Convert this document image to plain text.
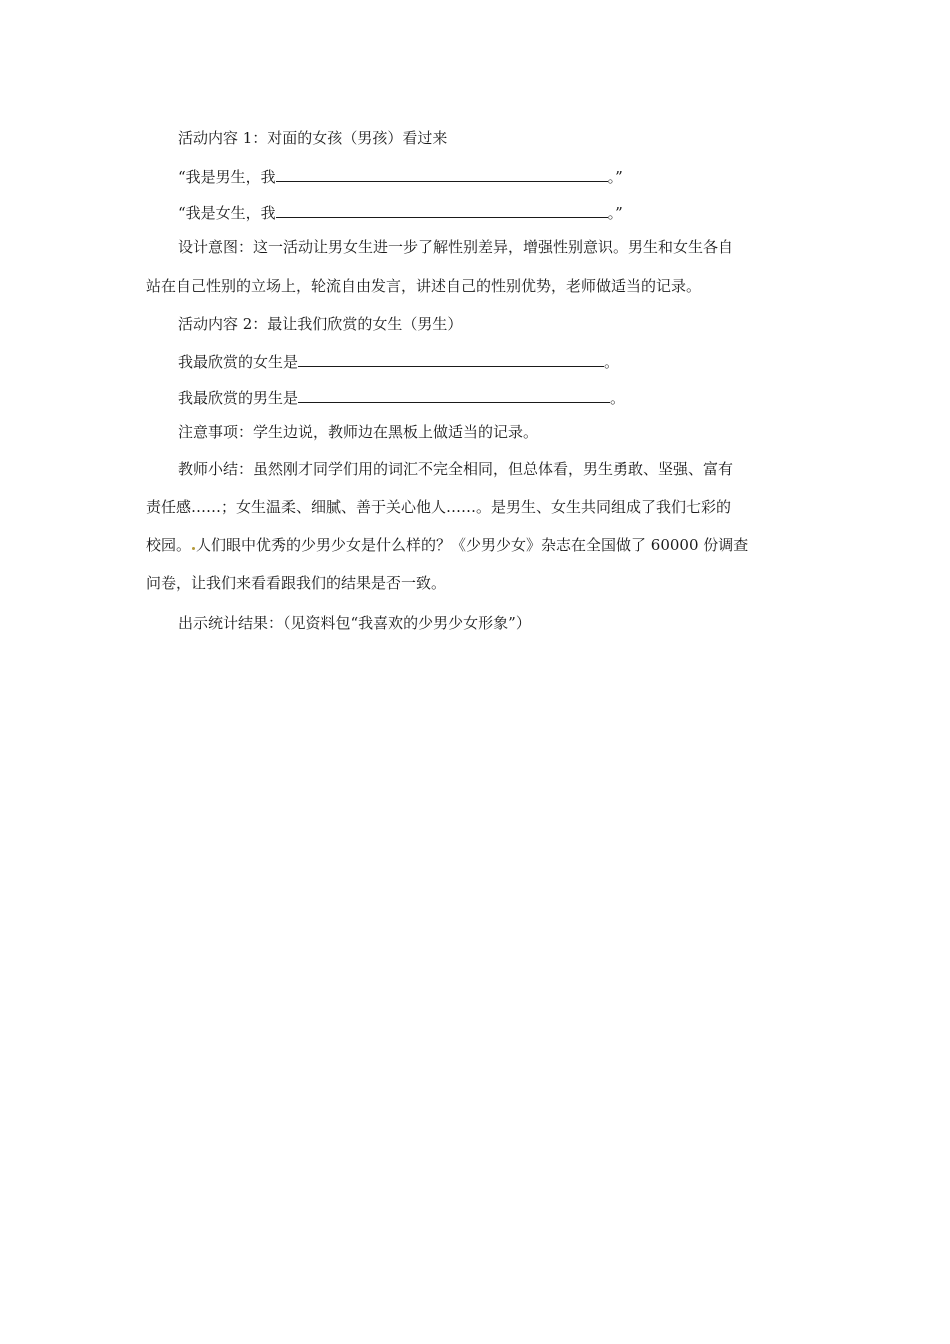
活动内容 1：对面的女孩（男孩）看过来
“我是男生，我	。”
“我是女生，我	。”
设计意图：这一活动让男女生进一步了解性别差异，增强性别意识。男生和女生各自
站在自己性别的立场上，轮流自由发言，讲述自己的性别优势，老师做适当的记录。
活动内容 2：最让我们欣赏的女生（男生）
我最欣赏的女生是	。
我最欣赏的男生是	。
注意事项：学生边说，教师边在黑板上做适当的记录。
教师小结：虽然刚才同学们用的词汇不完全相同，但总体看，男生勇敢、坚强、富有
责任感……；女生温柔、细腻、善于关心他人……。是男生、女生共同组成了我们七彩的
校园。 人们眼中优秀的少男少女是什么样的？《少男少女》杂志在全国做了 60000 份调查
问卷，让我们来看看跟我们的结果是否一致。
出示统计结果：（见资料包“我喜欢的少男少女形象”）
